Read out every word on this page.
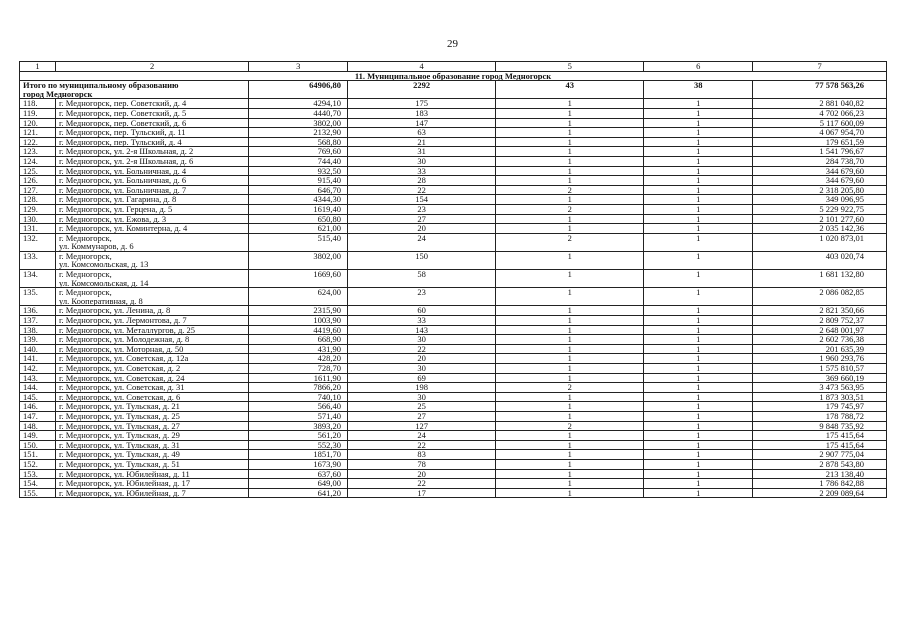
29
1	2	3	4	5	6	7
11. Муниципальное образование город Медногорск						
Итого по муниципальному образованию
город Медногорск		64906,80	2292	43	38	77 578 563,26
118.	г. Медногорск, пер. Советский, д. 4	4294,10	175	1	1	2 881 040,82
119.	г. Медногорск, пер. Советский, д. 5	4440,70	183	1	1	4 702 066,23
120.	г. Медногорск, пер. Советский, д. 6	3802,00	147	1	1	5 117 600,09
121.	г. Медногорск, пер. Тульский, д. 11	2132,90	63	1	1	4 067 954,70
122.	г. Медногорск, пер. Тульский, д. 4	568,80	21	1	1	179 651,59
123.	г. Медногорск, ул. 2-я Школьная, д. 2	769,60	31	1	1	1 541 796,67
124.	г. Медногорск, ул. 2-я Школьная, д. 6	744,40	30	1	1	284 738,70
125.	г. Медногорск, ул. Больничная, д. 4	932,50	33	1	1	344 679,60
126.	г. Медногорск, ул. Больничная, д. 6	915,40	28	1	1	344 679,60
127.	г. Медногорск, ул. Больничная, д. 7	646,70	22	2	1	2 318 205,80
128.	г. Медногорск, ул. Гагарина, д. 8	4344,30	154	1	1	349 096,95
129.	г. Медногорск, ул. Герцена, д. 5	1619,40	23	2	1	5 229 922,75
130.	г. Медногорск, ул. Ежова, д. 3	650,80	27	1	1	2 101 277,60
131.	г. Медногорск, ул. Коминтерна, д. 4	621,00	20	1	1	2 035 142,36
132.	г. Медногорск,
ул. Коммунаров, д. 6	515,40	24	2	1	1 020 873,01
133.	г. Медногорск,
ул. Комсомольская, д. 13	3802,00	150	1	1	403 020,74
134.	г. Медногорск,
ул. Комсомольская, д. 14	1669,60	58	1	1	1 681 132,80
135.	г. Медногорск,
ул. Кооперативная, д. 8	624,00	23	1	1	2 086 082,85
136.	г. Медногорск, ул. Ленина, д. 8	2315,90	60	1	1	2 821 350,66
137.	г. Медногорск, ул. Лермонтова, д. 7	1003,90	33	1	1	2 809 752,37
138.	г. Медногорск, ул. Металлургов, д. 25	4419,60	143	1	1	2 648 001,97
139.	г. Медногорск, ул. Молодежная, д. 8	668,90	30	1	1	2 602 736,38
140.	г. Медногорск, ул. Моторная, д. 50	431,90	22	1	1	201 635,39
141.	г. Медногорск, ул. Советская, д. 12а	428,20	20	1	1	1 960 293,76
142.	г. Медногорск, ул. Советская, д. 2	728,70	30	1	1	1 575 810,57
143.	г. Медногорск, ул. Советская, д. 24	1611,90	69	1	1	369 660,19
144.	г. Медногорск, ул. Советская, д. 31	7866,20	198	2	1	3 473 563,95
145.	г. Медногорск, ул. Советская, д. 6	740,10	30	1	1	1 873 303,51
146.	г. Медногорск, ул. Тульская, д. 21	566,40	25	1	1	179 745,97
147.	г. Медногорск, ул. Тульская, д. 25	571,40	27	1	1	178 788,72
148.	г. Медногорск, ул. Тульская, д. 27	3893,20	127	2	1	9 848 735,92
149.	г. Медногорск, ул. Тульская, д. 29	561,20	24	1	1	175 415,64
150.	г. Медногорск, ул. Тульская, д. 31	552,30	22	1	1	175 415,64
151.	г. Медногорск, ул. Тульская, д. 49	1851,70	83	1	1	2 907 775,04
152.	г. Медногорск, ул. Тульская, д. 51	1673,90	78	1	1	2 878 543,80
153.	г. Медногорск, ул. Юбилейная, д. 11	637,60	20	1	1	213 138,40
154.	г. Медногорск, ул. Юбилейная, д. 17	649,00	22	1	1	1 786 842,88
155.	г. Медногорск, ул. Юбилейная, д. 7	641,20	17	1	1	2 209 089,64
